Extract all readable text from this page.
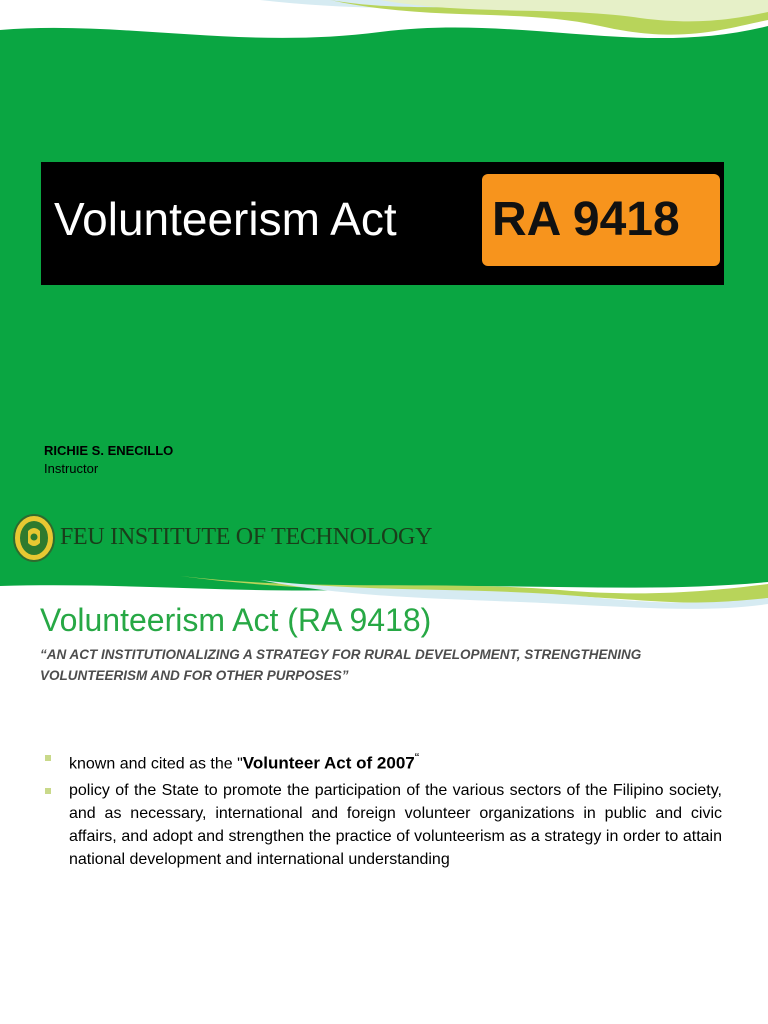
Volunteerism Act RA 9418
RICHIE S. ENECILLO
Instructor
FEU INSTITUTE OF TECHNOLOGY
Volunteerism Act (RA 9418)
“AN ACT INSTITUTIONALIZING A STRATEGY FOR RURAL DEVELOPMENT, STRENGTHENING VOLUNTEERISM AND FOR OTHER PURPOSES”
known and cited as the "Volunteer Act of 2007“
policy of the State to promote the participation of the various sectors of the Filipino society, and as necessary, international and foreign volunteer organizations in public and civic affairs, and adopt and strengthen the practice of volunteerism as a strategy in order to attain national development and international understanding
